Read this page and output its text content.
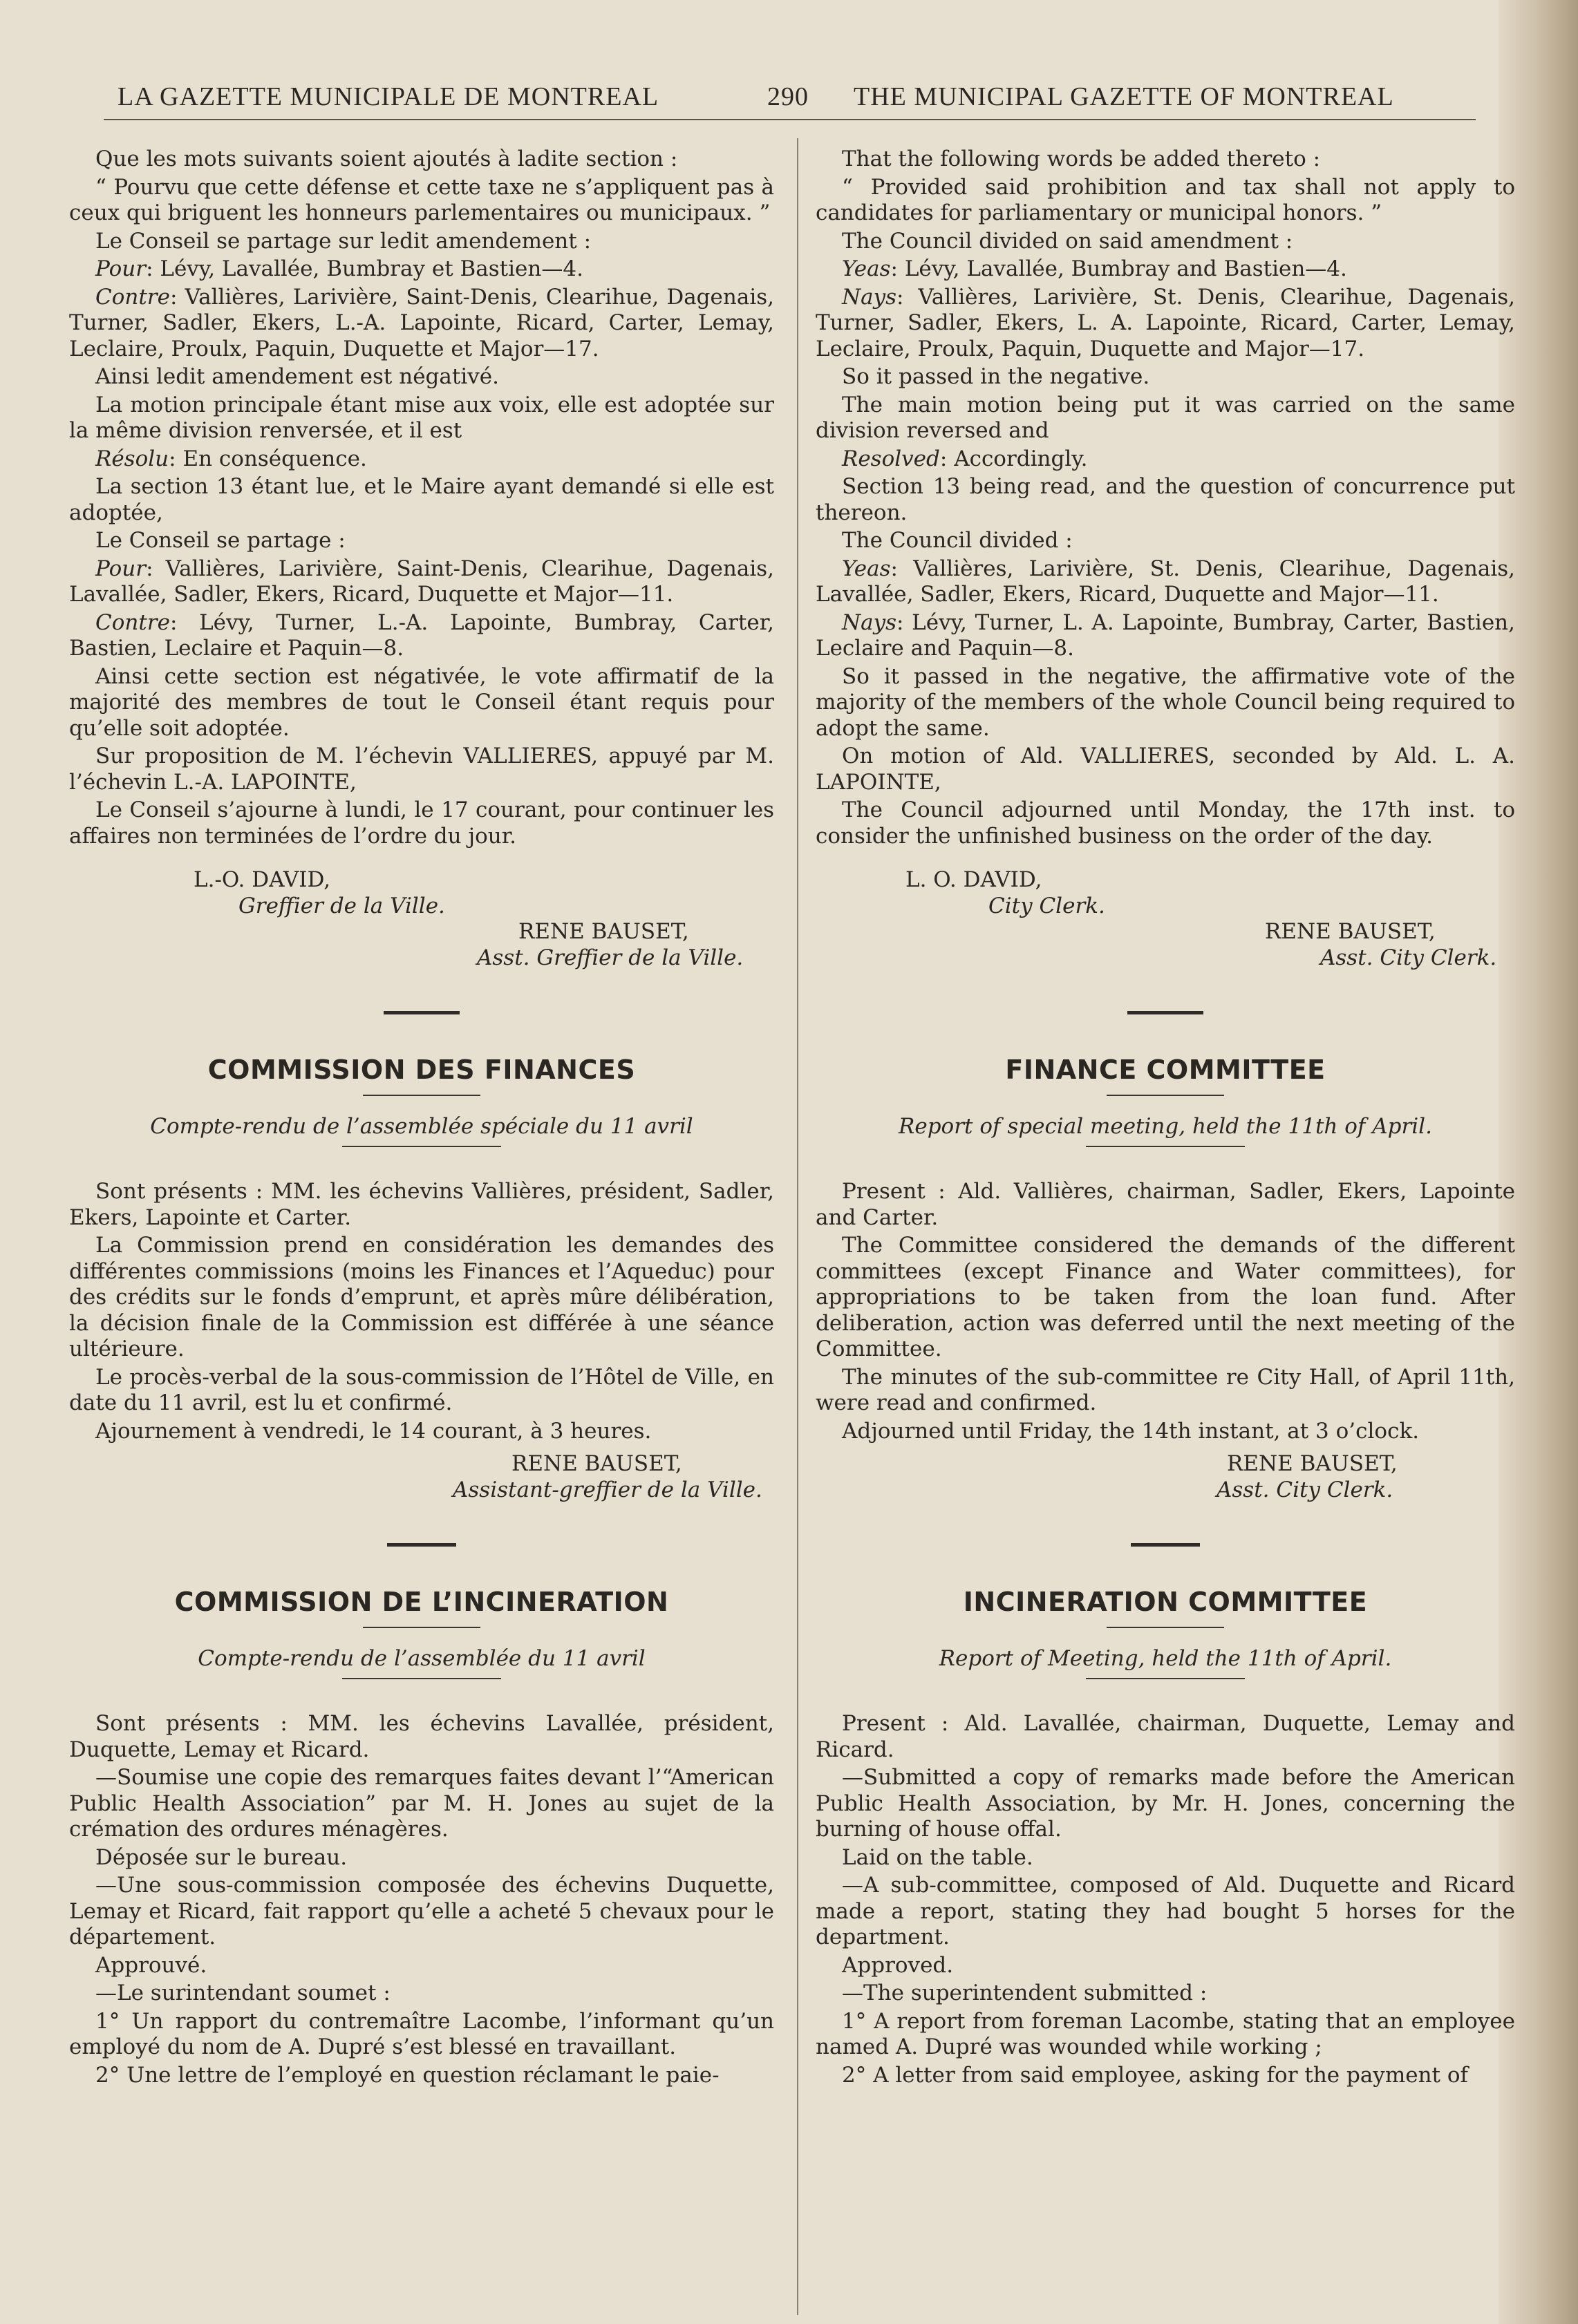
LA GAZETTE MUNICIPALE DE MONTREAL	290 THE MUNICIPAL GAZETTE OF MONTREAL

Que les mots suivants soient ajoutés à ladite section :

“ Pourvu que cette défense et cette taxe ne s’appliquent pas à ceux qui briguent les honneurs parlementaires ou municipaux. ”

Le Conseil se partage sur ledit amendement :

Pour: Lévy, Lavallée, Bumbray et Bastien—4.

Contre: Vallières, Larivière, Saint-Denis, Clearihue, Dagenais, Turner, Sadler, Ekers, L.-A. Lapointe, Ricard, Carter, Lemay, Leclaire, Proulx, Paquin, Duquette et Major—17.

Ainsi ledit amendement est négativé.

La motion principale étant mise aux voix, elle est adoptée sur la même division renversée, et il est

Résolu: En conséquence.

La section 13 étant lue, et le Maire ayant demandé si elle est adoptée,

Le Conseil se partage :

Pour: Vallières, Larivière, Saint-Denis, Clearihue, Dagenais, Lavallée, Sadler, Ekers, Ricard, Duquette et Major—11.

Contre: Lévy, Turner, L.-A. Lapointe, Bumbray, Carter, Bastien, Leclaire et Paquin—8.

Ainsi cette section est négativée, le vote affirmatif de la majorité des membres de tout le Conseil étant requis pour qu’elle soit adoptée.

Sur proposition de M. l’échevin VALLIERES, appuyé par M. l’échevin L.-A. LAPOINTE,

Le Conseil s’ajourne à lundi, le 17 courant, pour continuer les affaires non terminées de l’ordre du jour.

L.-O. DAVID,

Greffier de la Ville.

RENE BAUSET,

Asst. Greffier de la Ville.

COMMISSION DES FINANCES
Compte-rendu de l’assemblée spéciale du 11 avril

Sont présents : MM. les échevins Vallières, président, Sadler, Ekers, Lapointe et Carter.

La Commission prend en considération les demandes des différentes commissions (moins les Finances et l’Aqueduc) pour des crédits sur le fonds d’emprunt, et après mûre délibération, la décision finale de la Commission est différée à une séance ultérieure.

Le procès-verbal de la sous-commission de l’Hôtel de Ville, en date du 11 avril, est lu et confirmé.

Ajournement à vendredi, le 14 courant, à 3 heures.

RENE BAUSET,

Assistant-greffier de la Ville.

COMMISSION DE L’INCINERATION
Compte-rendu de l’assemblée du 11 avril

Sont présents : MM. les échevins Lavallée, président, Duquette, Lemay et Ricard.

—Soumise une copie des remarques faites devant l’“American Public Health Association” par M. H. Jones au sujet de la crémation des ordures ménagères.

Déposée sur le bureau.

—Une sous-commission composée des échevins Duquette, Lemay et Ricard, fait rapport qu’elle a acheté 5 chevaux pour le département.

Approuvé.

—Le surintendant soumet :

1° Un rapport du contremaître Lacombe, l’informant qu’un employé du nom de A. Dupré s’est blessé en travaillant.

2° Une lettre de l’employé en question réclamant le paie-

That the following words be added thereto :

“ Provided said prohibition and tax shall not apply to candidates for parliamentary or municipal honors. ”

The Council divided on said amendment :

Yeas: Lévy, Lavallée, Bumbray and Bastien—4.

Nays: Vallières, Larivière, St. Denis, Clearihue, Dagenais, Turner, Sadler, Ekers, L. A. Lapointe, Ricard, Carter, Lemay, Leclaire, Proulx, Paquin, Duquette and Major—17.

So it passed in the negative.

The main motion being put it was carried on the same division reversed and

Resolved: Accordingly.

Section 13 being read, and the question of concurrence put thereon.

The Council divided :

Yeas: Vallières, Larivière, St. Denis, Clearihue, Dagenais, Lavallée, Sadler, Ekers, Ricard, Duquette and Major—11.

Nays: Lévy, Turner, L. A. Lapointe, Bumbray, Carter, Bastien, Leclaire and Paquin—8.

So it passed in the negative, the affirmative vote of the majority of the members of the whole Council being required to adopt the same.

On motion of Ald. VALLIERES, seconded by Ald. L. A. LAPOINTE,

The Council adjourned until Monday, the 17th inst. to consider the unfinished business on the order of the day.

L. O. DAVID,

City Clerk.

RENE BAUSET,

Asst. City Clerk.

FINANCE COMMITTEE
Report of special meeting, held the 11th of April.

Present : Ald. Vallières, chairman, Sadler, Ekers, Lapointe and Carter.

The Committee considered the demands of the different committees (except Finance and Water committees), for appropriations to be taken from the loan fund. After deliberation, action was deferred until the next meeting of the Committee.

The minutes of the sub-committee re City Hall, of April 11th, were read and confirmed.

Adjourned until Friday, the 14th instant, at 3 o’clock.

RENE BAUSET,

Asst. City Clerk.

INCINERATION COMMITTEE
Report of Meeting, held the 11th of April.

Present : Ald. Lavallée, chairman, Duquette, Lemay and Ricard.

—Submitted a copy of remarks made before the American Public Health Association, by Mr. H. Jones, concerning the burning of house offal.

Laid on the table.

—A sub-committee, composed of Ald. Duquette and Ricard made a report, stating they had bought 5 horses for the department.

Approved.

—The superintendent submitted :

1° A report from foreman Lacombe, stating that an employee named A. Dupré was wounded while working ;

2° A letter from said employee, asking for the payment of
